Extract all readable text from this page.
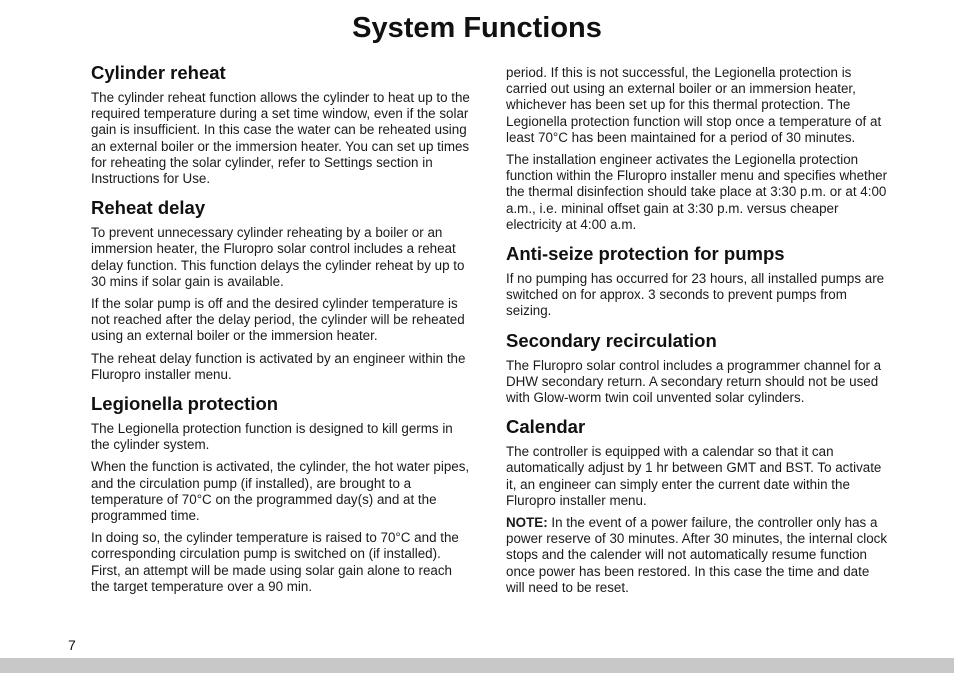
System Functions
Cylinder reheat

The cylinder reheat function allows the cylinder to heat up to the required temperature during a set time window, even if the solar gain is insufficient. In this case the water can be reheated using an external boiler or the immersion heater. You can set up times for reheating the solar cylinder, refer to Settings section in Instructions for Use.

Reheat delay

To prevent unnecessary cylinder reheating by a boiler or an immersion heater, the Fluropro solar control includes a reheat delay function. This function delays the cylinder reheat by up to 30 mins if solar gain is available.

If the solar pump is off and the desired cylinder temperature is not reached after the delay period, the cylinder will be reheated using an external boiler or the immersion heater.

The reheat delay function is activated by an engineer within the Fluropro installer menu.

Legionella protection

The Legionella protection function is designed to kill germs in the cylinder system.

When the function is activated, the cylinder, the hot water pipes, and the circulation pump (if installed), are brought to a temperature of 70°C on the programmed day(s) and at the programmed time.

In doing so, the cylinder temperature is raised to 70°C and the corresponding circulation pump is switched on (if installed). First, an attempt will be made using solar gain alone to reach the target temperature over a 90 min.

period. If this is not successful, the Legionella protection is carried out using an external boiler or an immersion heater, whichever has been set up for this thermal protection. The Legionella protection function will stop once a temperature of at least 70°C has been maintained for a period of 30 minutes.

The installation engineer activates the Legionella protection function within the Fluropro installer menu and specifies whether the thermal disinfection should take place at 3:30 p.m. or at 4:00 a.m., i.e. mininal offset gain at 3:30 p.m. versus cheaper electricity at 4:00 a.m.

Anti-seize protection for pumps

If no pumping has occurred for 23 hours, all installed pumps are switched on for approx. 3 seconds to prevent pumps from seizing.

Secondary recirculation

The Fluropro solar control includes a programmer channel for a DHW secondary return. A secondary return should not be used with Glow-worm twin coil unvented solar cylinders.

Calendar

The controller is equipped with a calendar so that it can automatically adjust by 1 hr between GMT and BST. To activate it, an engineer can simply enter the current date within the Fluropro installer menu.

NOTE: In the event of a power failure, the controller only has a power reserve of 30 minutes. After 30 minutes, the internal clock stops and the calender will not automatically resume function once power has been restored. In this case the time and date will need to be reset.

7
